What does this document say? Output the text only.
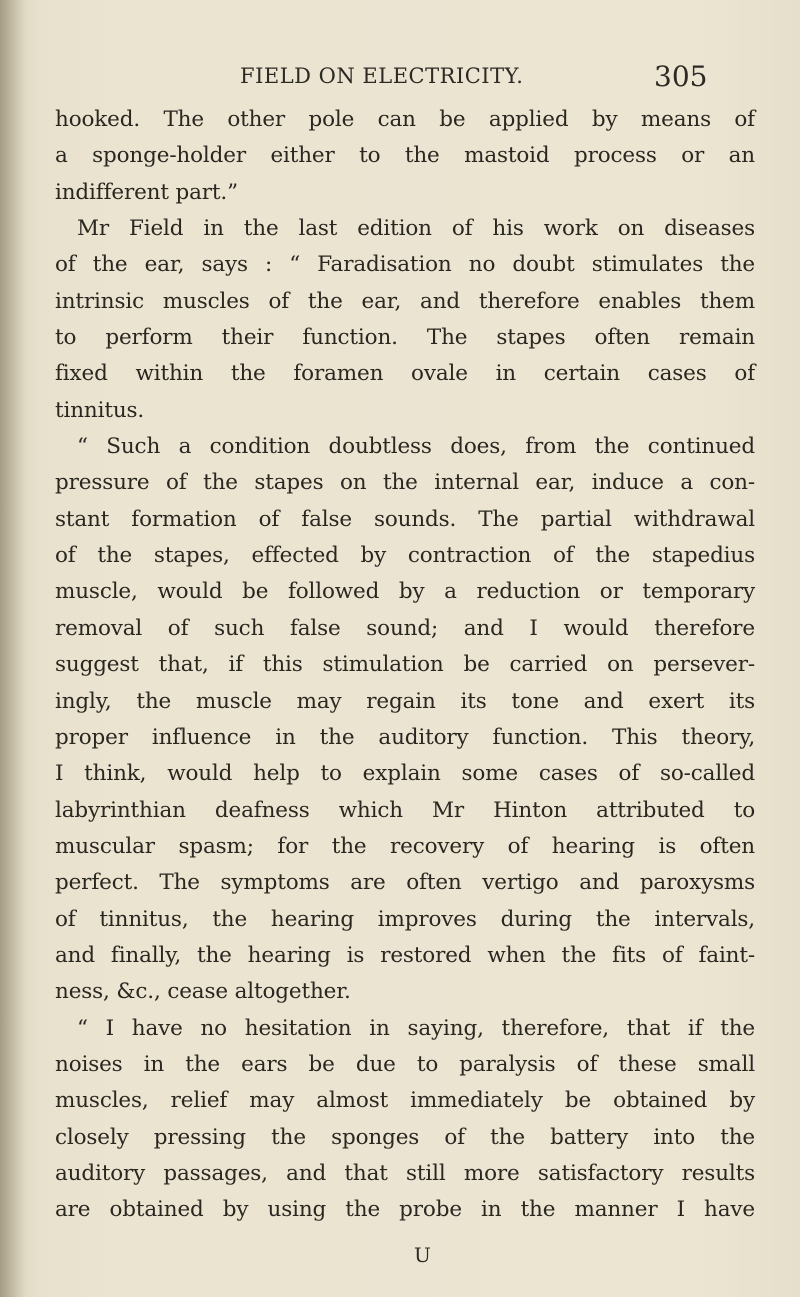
FIELD ON ELECTRICITY.	305
hooked. The other pole can be applied by means of
a sponge-holder either to the mastoid process or an
indifferent part.”
Mr Field in the last edition of his work on diseases
of the ear, says : “ Faradisation no doubt stimulates the
intrinsic muscles of the ear, and therefore enables them
to perform their function. The stapes often remain
fixed within the foramen ovale in certain cases of
tinnitus.
“ Such a condition doubtless does, from the continued
pressure of the stapes on the internal ear, induce a con-
stant formation of false sounds. The partial withdrawal
of the stapes, effected by contraction of the stapedius
muscle, would be followed by a reduction or temporary
removal of such false sound; and I would therefore
suggest that, if this stimulation be carried on persever-
ingly, the muscle may regain its tone and exert its
proper influence in the auditory function. This theory,
I think, would help to explain some cases of so-called
labyrinthian deafness which Mr Hinton attributed to
muscular spasm; for the recovery of hearing is often
perfect. The symptoms are often vertigo and paroxysms
of tinnitus, the hearing improves during the intervals,
and finally, the hearing is restored when the fits of faint-
ness, &c., cease altogether.
“ I have no hesitation in saying, therefore, that if the
noises in the ears be due to paralysis of these small
muscles, relief may almost immediately be obtained by
closely pressing the sponges of the battery into the
auditory passages, and that still more satisfactory results
are obtained by using the probe in the manner I have
U
